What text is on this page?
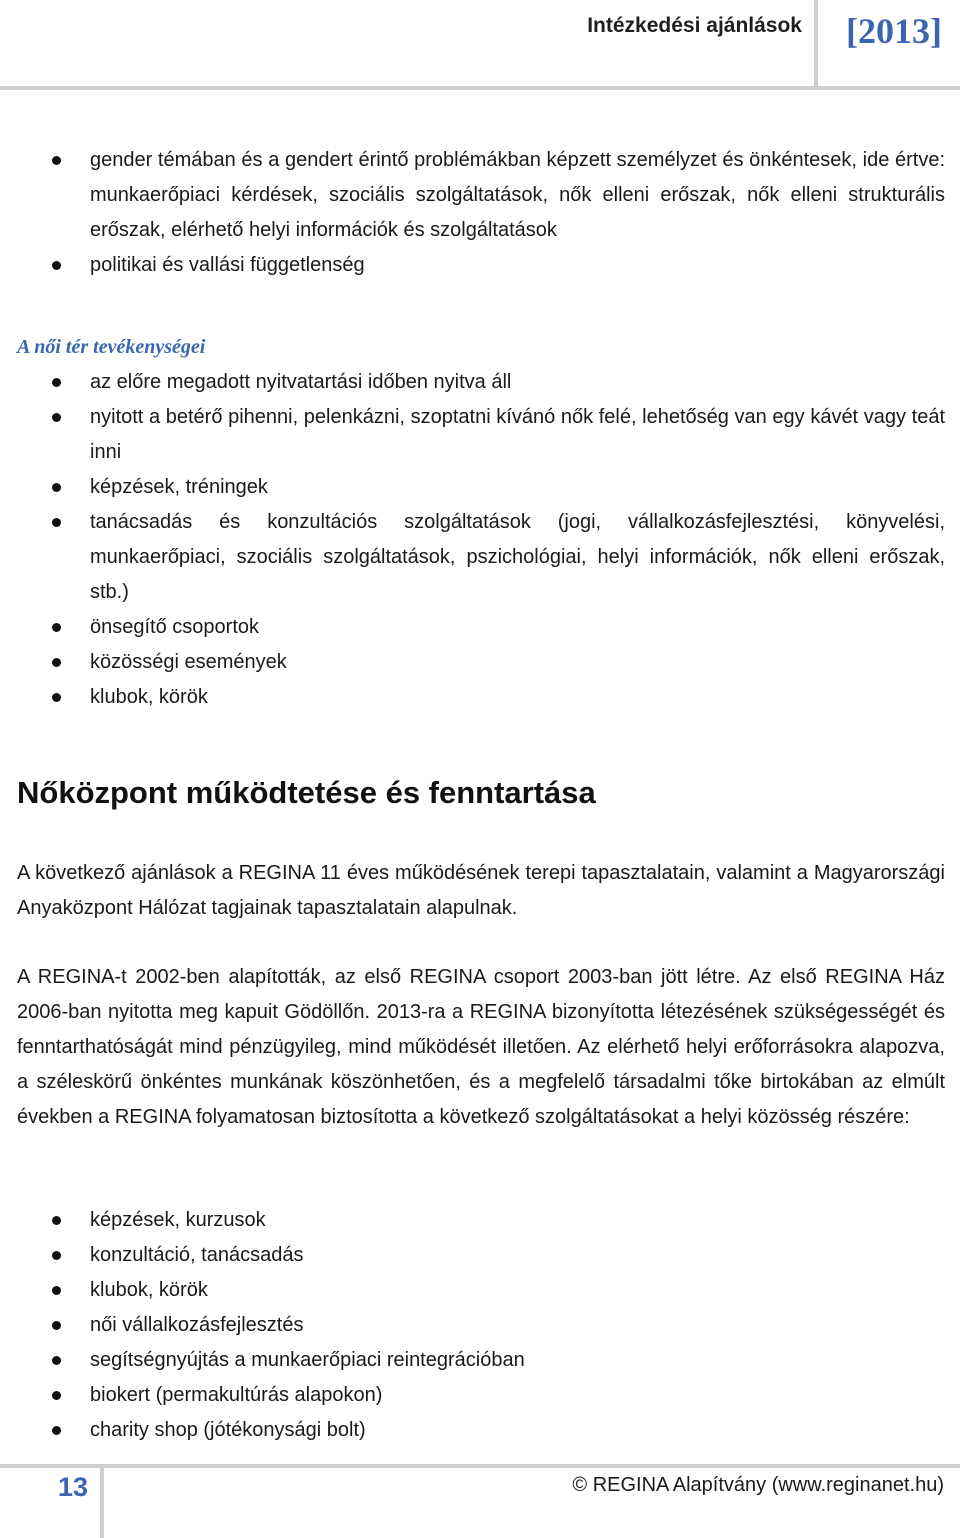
Intézkedési ajánlások [2013]
gender témában és a gendert érintő problémákban képzett személyzet és önkéntesek, ide értve: munkaerőpiaci kérdések, szociális szolgáltatások, nők elleni erőszak, nők elleni strukturális erőszak, elérhető helyi információk és szolgáltatások
politikai és vallási függetlenség
A női tér tevékenységei
az előre megadott nyitvatartási időben nyitva áll
nyitott a betérő pihenni, pelenkázni, szoptatni kívánó nők felé, lehetőség van egy kávét vagy teát inni
képzések, tréningek
tanácsadás és konzultációs szolgáltatások (jogi, vállalkozásfejlesztési, könyvelési, munkaerőpiaci, szociális szolgáltatások, pszichológiai, helyi információk, nők elleni erőszak, stb.)
önsegítő csoportok
közösségi események
klubok, körök
Nőközpont működtetése és fenntartása

A következő ajánlások a REGINA 11 éves működésének terepi tapasztalatain, valamint a Magyarországi Anyaközpont Hálózat tagjainak tapasztalatain alapulnak.

A REGINA-t 2002-ben alapították, az első REGINA csoport 2003-ban jött létre. Az első REGINA Ház 2006-ban nyitotta meg kapuit Gödöllőn. 2013-ra a REGINA bizonyította létezésének szükségességét és fenntarthatóságát mind pénzügyileg, mind működését illetően. Az elérhető helyi erőforrásokra alapozva, a széleskörű önkéntes munkának köszönhetően, és a megfelelő társadalmi tőke birtokában az elmúlt években a REGINA folyamatosan biztosította a következő szolgáltatásokat a helyi közösség részére:

képzések, kurzusok
konzultáció, tanácsadás
klubok, körök
női vállalkozásfejlesztés
segítségnyújtás a munkaerőpiaci reintegrációban
biokert (permakultúrás alapokon)
charity shop (jótékonysági bolt)
13	© REGINA Alapítvány (www.reginanet.hu)
